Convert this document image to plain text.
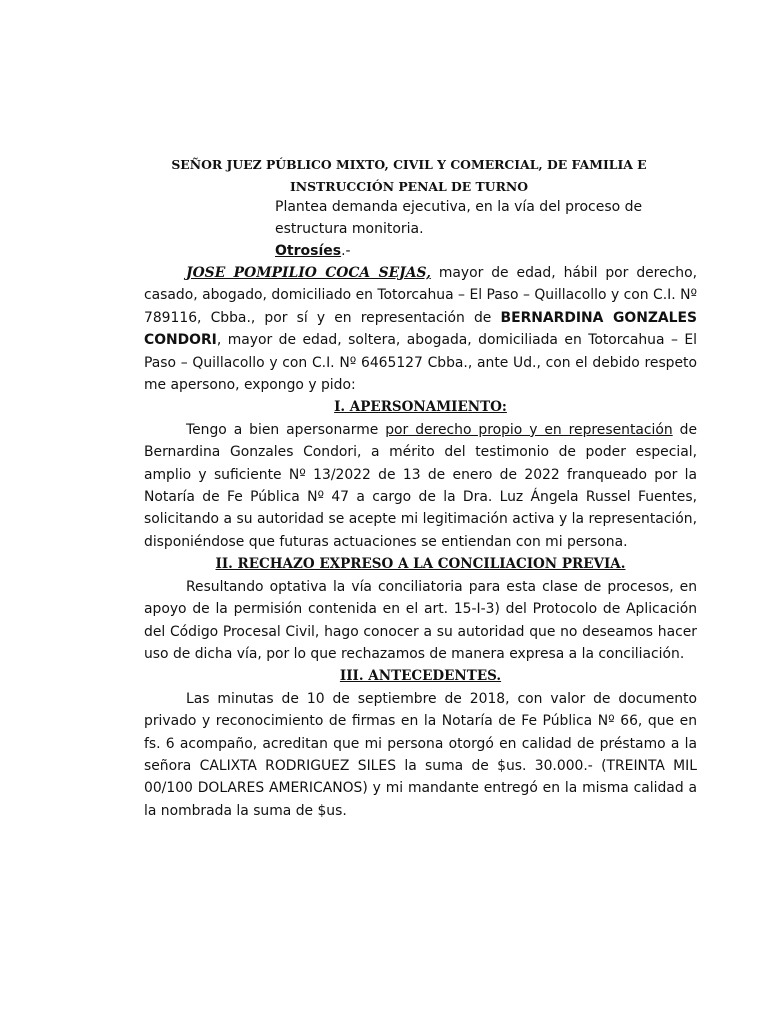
SEÑOR JUEZ PÚBLICO MIXTO, CIVIL Y COMERCIAL, DE FAMILIA E
INSTRUCCIÓN PENAL DE TURNO
Plantea demanda ejecutiva, en la vía del proceso de estructura monitoria.
Otrosíes.-

JOSE POMPILIO COCA SEJAS, mayor de edad, hábil por derecho, casado, abogado, domiciliado en Totorcahua – El Paso – Quillacollo y con C.I. Nº 789116, Cbba., por sí y en representación de BERNARDINA GONZALES CONDORI, mayor de edad, soltera, abogada, domiciliada en Totorcahua – El Paso – Quillacollo y con C.I. Nº 6465127 Cbba., ante Ud., con el debido respeto me apersono, expongo y pido:

I. APERSONAMIENTO:

Tengo a bien apersonarme por derecho propio y en representación de Bernardina Gonzales Condori, a mérito del testimonio de poder especial, amplio y suficiente Nº 13/2022 de 13 de enero de 2022 franqueado por la Notaría de Fe Pública Nº 47 a cargo de la Dra. Luz Ángela Russel Fuentes, solicitando a su autoridad se acepte mi legitimación activa y la representación, disponiéndose que futuras actuaciones se entiendan con mi persona.

II. RECHAZO EXPRESO A LA CONCILIACION PREVIA.

Resultando optativa la vía conciliatoria para esta clase de procesos, en apoyo de la permisión contenida en el art. 15-I-3) del Protocolo de Aplicación del Código Procesal Civil, hago conocer a su autoridad que no deseamos hacer uso de dicha vía, por lo que rechazamos de manera expresa a la conciliación.

III. ANTECEDENTES.

Las minutas de 10 de septiembre de 2018, con valor de documento privado y reconocimiento de firmas en la Notaría de Fe Pública Nº 66, que en fs. 6 acompaño, acreditan que mi persona otorgó en calidad de préstamo a la señora CALIXTA RODRIGUEZ SILES la suma de $us. 30.000.- (TREINTA MIL 00/100 DOLARES AMERICANOS) y mi mandante entregó en la misma calidad a la nombrada la suma de $us.
